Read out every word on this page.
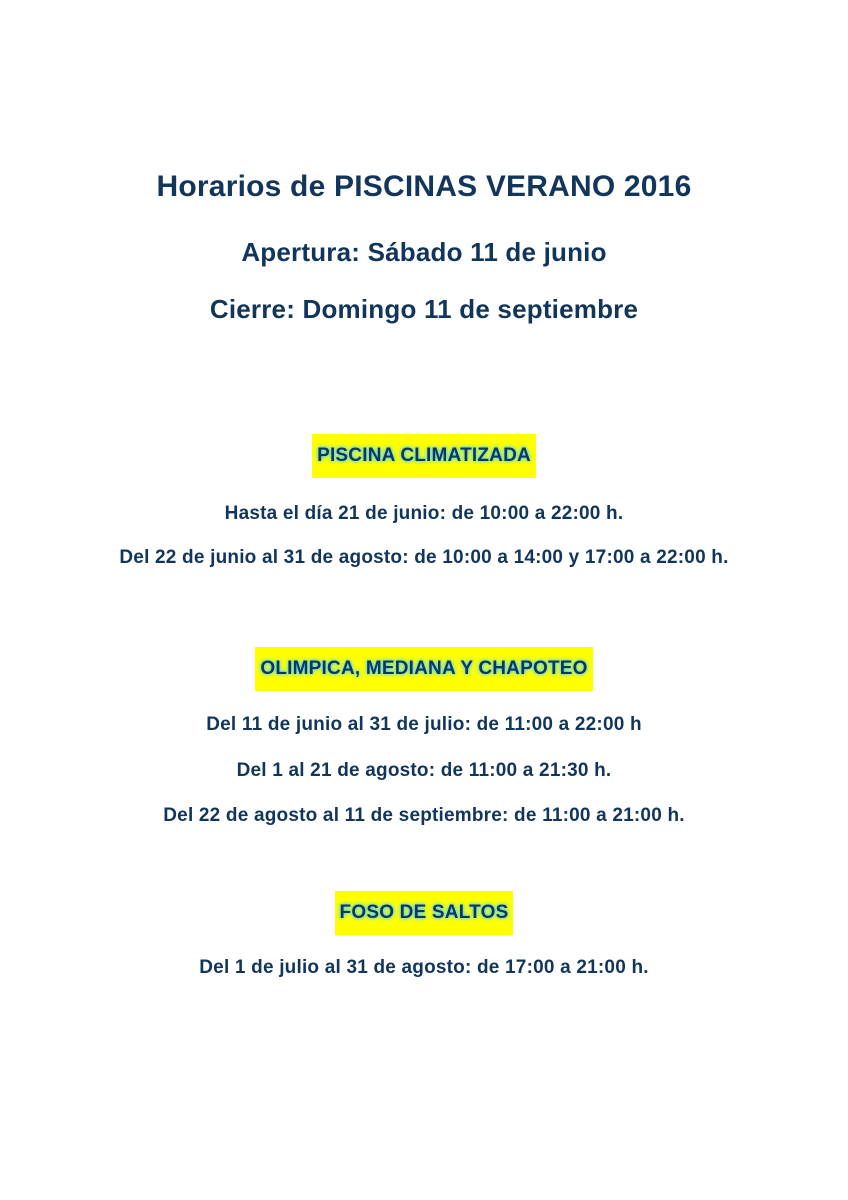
Horarios de PISCINAS VERANO 2016
Apertura: Sábado 11 de junio
Cierre: Domingo 11 de septiembre
PISCINA CLIMATIZADA
Hasta el día 21 de junio: de 10:00 a 22:00 h.
Del 22 de junio al 31 de agosto: de 10:00 a 14:00 y 17:00 a 22:00 h.
OLIMPICA, MEDIANA Y CHAPOTEO
Del 11 de junio al 31 de julio: de 11:00 a 22:00 h
Del 1 al 21 de agosto: de 11:00 a 21:30 h.
Del 22 de agosto al 11 de septiembre: de 11:00 a 21:00 h.
FOSO DE SALTOS
Del 1 de julio al 31 de agosto: de 17:00 a 21:00 h.
